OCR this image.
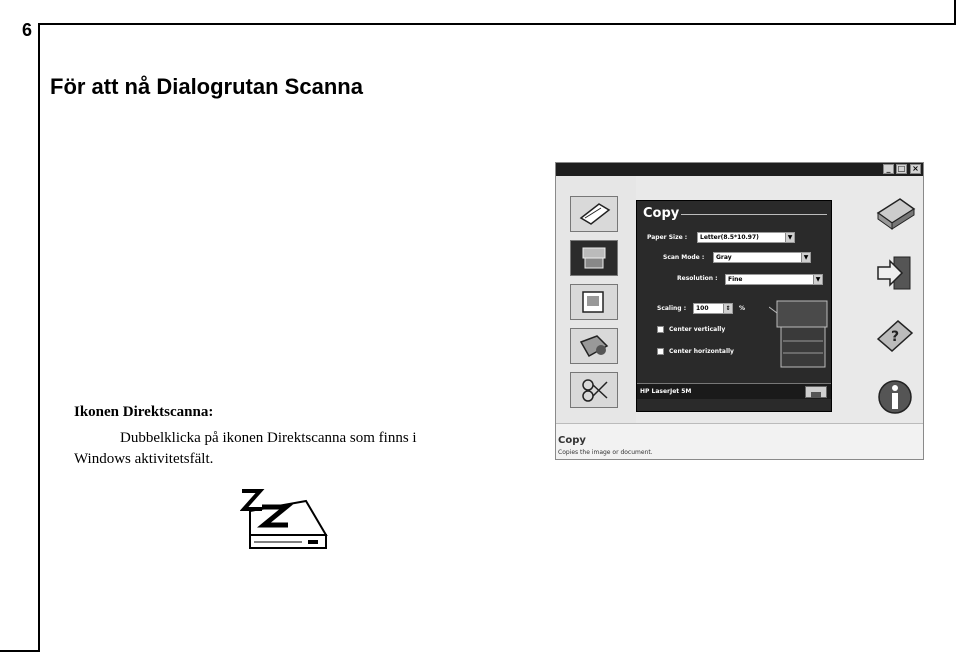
6
För att nå Dialogrutan Scanna
Ikonen Direktscanna:
Dubbelklicka på ikonen Direktscanna som finns i
Windows aktivitetsfält.
_ □ ×
Copy
Paper Size :	Letter(8.5*10.97)	▼
Scan Mode :	Gray	▼
Resolution :	Fine	▼
Scaling :	100	⇕ %
Center vertically
Center horizontally
HP LaserJet 5M
?
Copy
Copies the image or document.
